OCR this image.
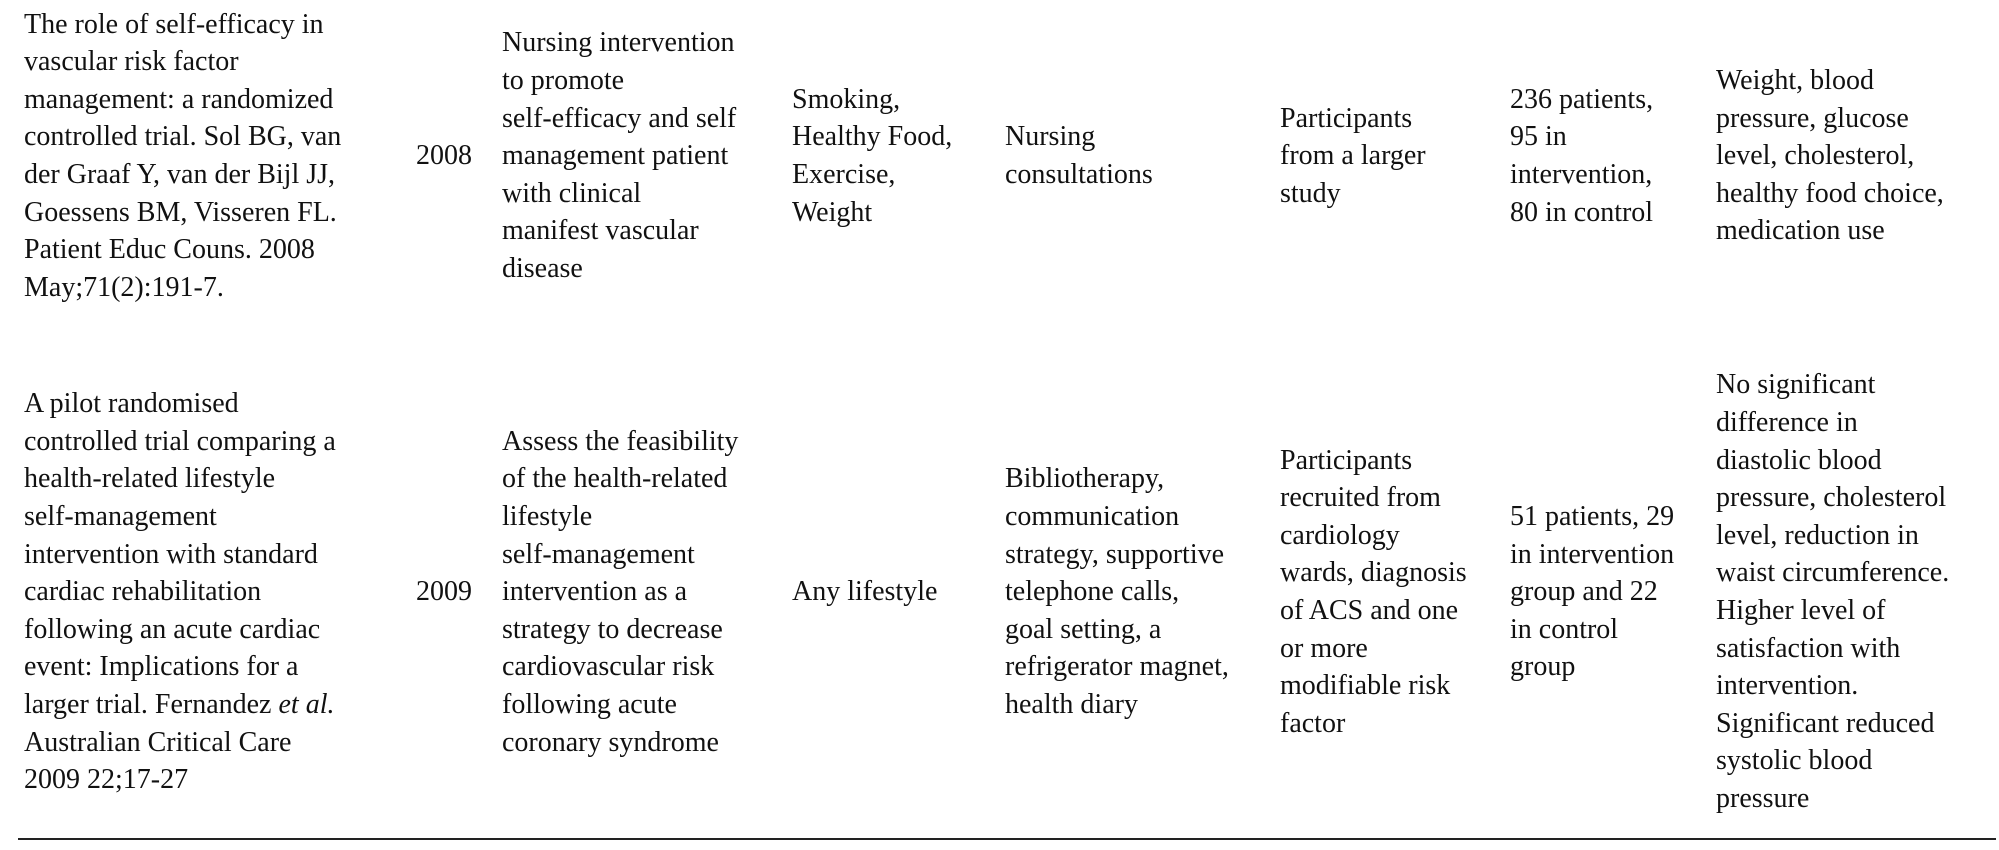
The role of self-efficacy in
vascular risk factor
management: a randomized
controlled trial. Sol BG, van
der Graaf Y, van der Bijl JJ,
Goessens BM, Visseren FL.
Patient Educ Couns. 2008
May;71(2):191-7.
2008
Nursing intervention
to promote
self-efficacy and self
management patient
with clinical
manifest vascular
disease
Smoking,
Healthy Food,
Exercise,
Weight
Nursing
consultations
Participants
from a larger
study
236 patients,
95 in
intervention,
80 in control
Weight, blood
pressure, glucose
level, cholesterol,
healthy food choice,
medication use
A pilot randomised
controlled trial comparing a
health-related lifestyle
self-management
intervention with standard
cardiac rehabilitation
following an acute cardiac
event: Implications for a
larger trial. Fernandez et al.
Australian Critical Care
2009 22;17-27
2009
Assess the feasibility
of the health-related
lifestyle
self-management
intervention as a
strategy to decrease
cardiovascular risk
following acute
coronary syndrome
Any lifestyle
Bibliotherapy,
communication
strategy, supportive
telephone calls,
goal setting, a
refrigerator magnet,
health diary
Participants
recruited from
cardiology
wards, diagnosis
of ACS and one
or more
modifiable risk
factor
51 patients, 29
in intervention
group and 22
in control
group
No significant
difference in
diastolic blood
pressure, cholesterol
level, reduction in
waist circumference.
Higher level of
satisfaction with
intervention.
Significant reduced
systolic blood
pressure
